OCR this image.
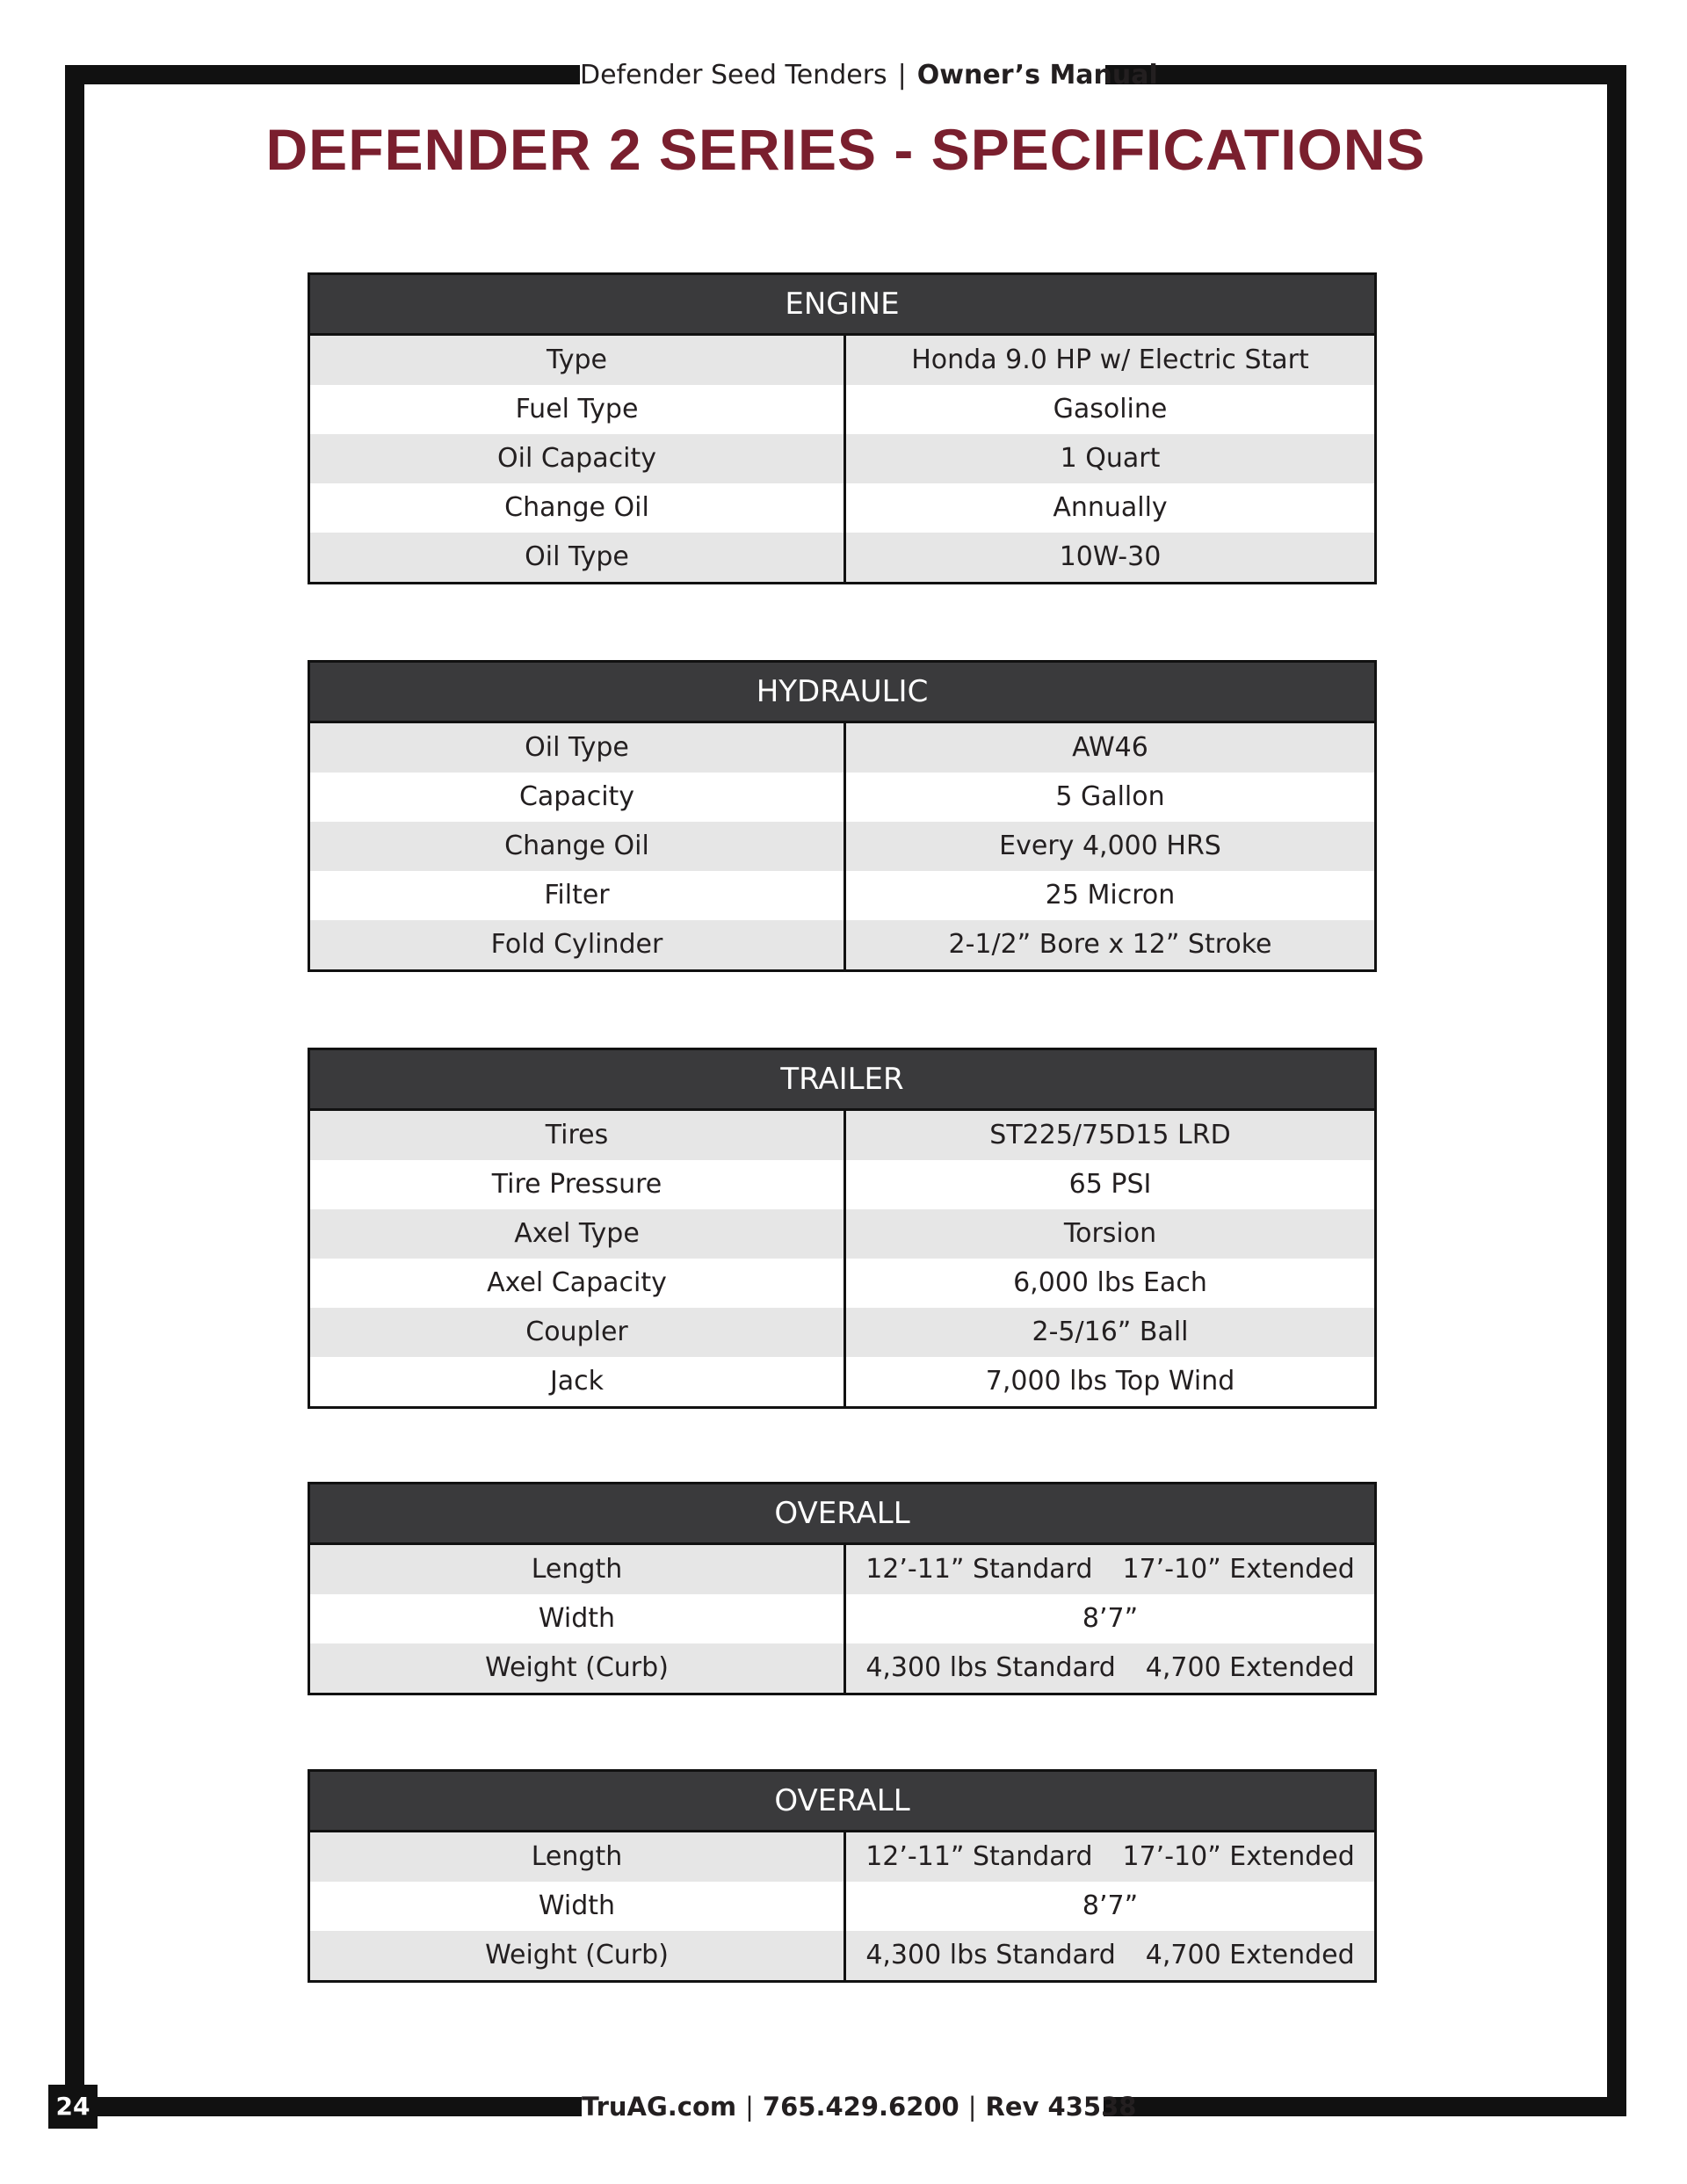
Defender Seed Tenders | Owner’s Manual
DEFENDER 2 SERIES - SPECIFICATIONS
ENGINE
Type	Honda 9.0 HP w/ Electric Start
Fuel Type	Gasoline
Oil Capacity	1 Quart
Change Oil	Annually
Oil Type	10W-30
HYDRAULIC
Oil Type	AW46
Capacity	5 Gallon
Change Oil	Every 4,000 HRS
Filter	25 Micron
Fold Cylinder	2-1/2” Bore x 12” Stroke
TRAILER
Tires	ST225/75D15 LRD
Tire Pressure	65 PSI
Axel Type	Torsion
Axel Capacity	6,000 lbs Each
Coupler	2-5/16” Ball
Jack	7,000 lbs Top Wind
OVERALL
Length	12’-11” Standard 17’-10” Extended
Width	8’7”
Weight (Curb)	4,300 lbs Standard 4,700 Extended
OVERALL
Length	12’-11” Standard 17’-10” Extended
Width	8’7”
Weight (Curb)	4,300 lbs Standard 4,700 Extended
TruAG.com | 765.429.6200 | Rev 43538
24
